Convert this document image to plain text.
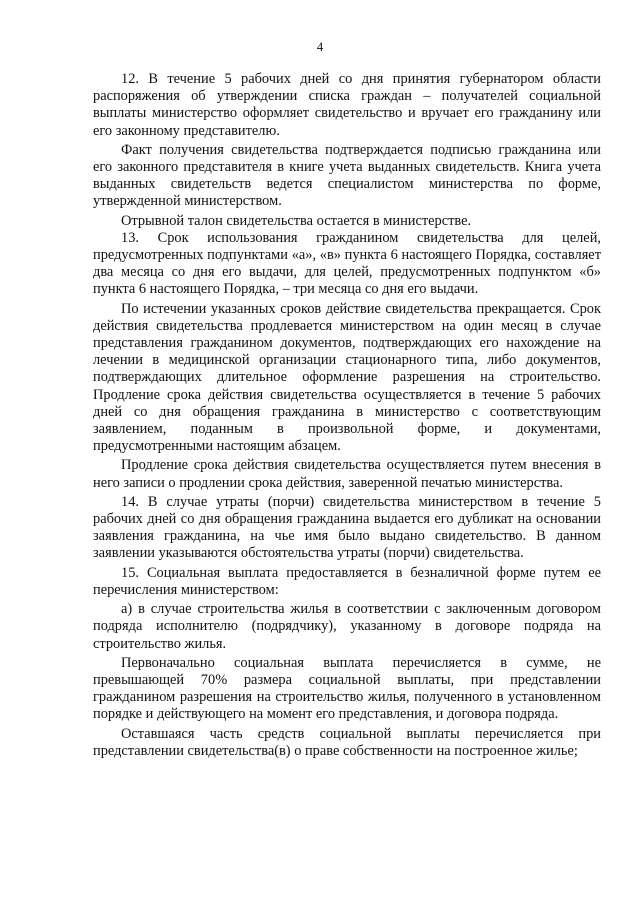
4

12. В течение 5 рабочих дней со дня принятия губернатором области распоряжения об утверждении списка граждан – получателей социальной выплаты министерство оформляет свидетельство и вручает его гражданину или его законному представителю.

Факт получения свидетельства подтверждается подписью гражданина или его законного представителя в книге учета выданных свидетельств. Книга учета выданных свидетельств ведется специалистом министерства по форме, утвержденной министерством.

Отрывной талон свидетельства остается в министерстве.

13. Срок использования гражданином свидетельства для целей, предусмотренных подпунктами «а», «в» пункта 6 настоящего Порядка, составляет два месяца со дня его выдачи, для целей, предусмотренных подпунктом «б» пункта 6 настоящего Порядка, – три месяца со дня его выдачи.

По истечении указанных сроков действие свидетельства прекращается. Срок действия свидетельства продлевается министерством на один месяц в случае представления гражданином документов, подтверждающих его нахождение на лечении в медицинской организации стационарного типа, либо документов, подтверждающих длительное оформление разрешения на строительство. Продление срока действия свидетельства осуществляется в течение 5 рабочих дней со дня обращения гражданина в министерство с соответствующим заявлением, поданным в произвольной форме, и документами, предусмотренными настоящим абзацем.

Продление срока действия свидетельства осуществляется путем внесения в него записи о продлении срока действия, заверенной печатью министерства.

14. В случае утраты (порчи) свидетельства министерством в течение 5 рабочих дней со дня обращения гражданина выдается его дубликат на основании заявления гражданина, на чье имя было выдано свидетельство. В данном заявлении указываются обстоятельства утраты (порчи) свидетельства.

15. Социальная выплата предоставляется в безналичной форме путем ее перечисления министерством:

а) в случае строительства жилья в соответствии с заключенным договором подряда исполнителю (подрядчику), указанному в договоре подряда на строительство жилья.

Первоначально социальная выплата перечисляется в сумме, не превышающей 70% размера социальной выплаты, при представлении гражданином разрешения на строительство жилья, полученного в установленном порядке и действующего на момент его представления, и договора подряда.

Оставшаяся часть средств социальной выплаты перечисляется при представлении свидетельства(в) о праве собственности на построенное жилье;
